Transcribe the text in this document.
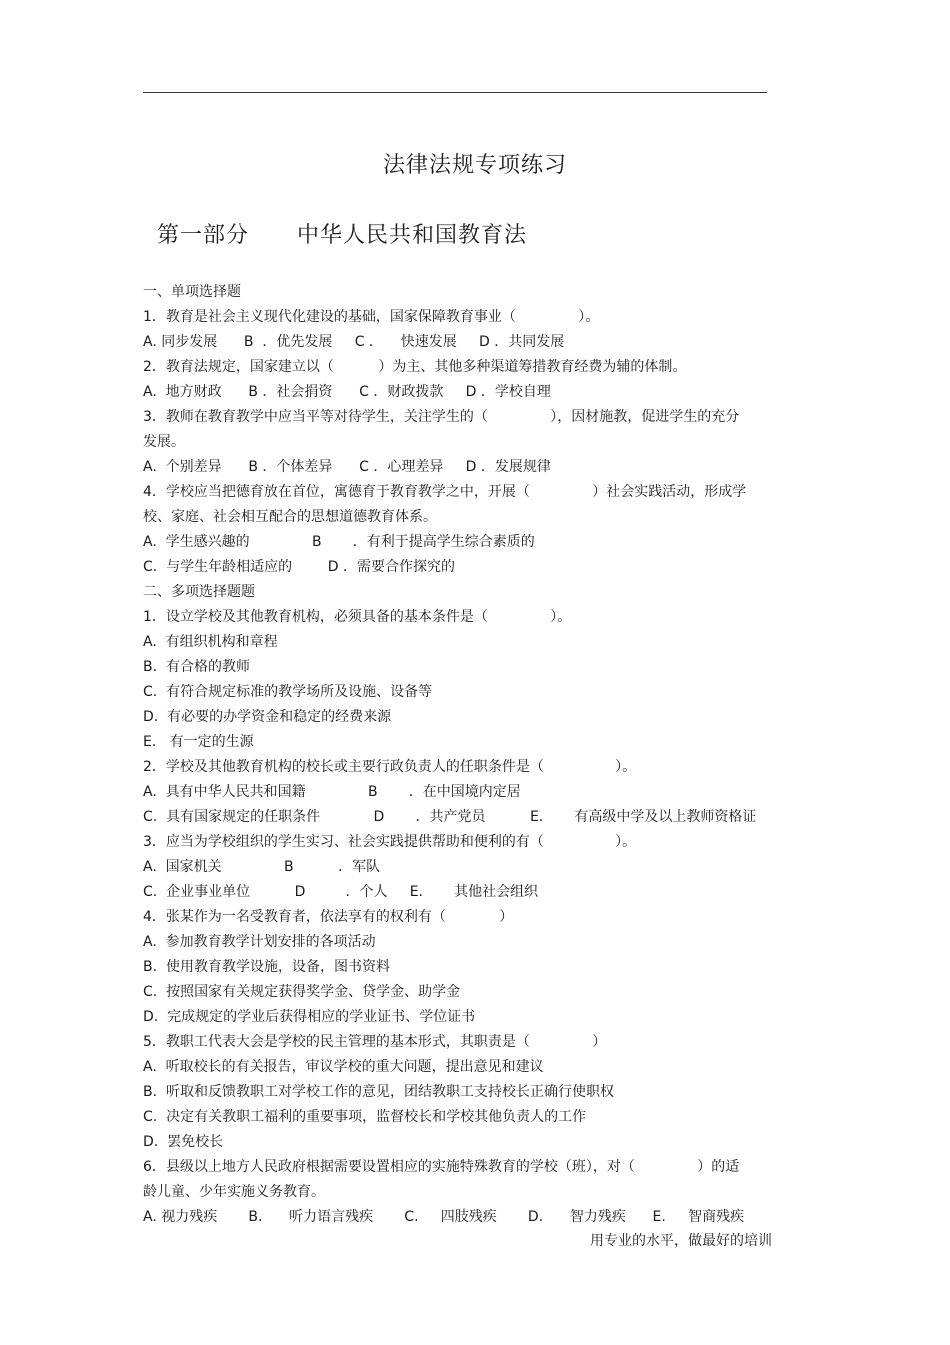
法律法规专项练习
第一部分      中华人民共和国教育法
一、单项选择题
1．教育是社会主义现代化建设的基础，国家保障教育事业（              ）。
A. 同步发展      B  ．优先发展     C ．    快速发展     D ．共同发展
2．教育法规定，国家建立以（          ）为主、其他多种渠道筹措教育经费为辅的体制。
A.  地方财政      B ．社会捐资      C ．财政拨款     D ．学校自理
3．教师在教育教学中应当平等对待学生，关注学生的（              ），因材施教，促进学生的充分
发展。
A.  个别差异      B ．个体差异      C ．心理差异     D ．发展规律
4．学校应当把德育放在首位，寓德育于教育教学之中，开展（              ）社会实践活动，形成学
校、家庭、社会相互配合的思想道德教育体系。
A.  学生感兴趣的              B       ．有利于提高学生综合素质的
C.  与学生年龄相适应的        D ．需要合作探究的
二、多项选择题题
1．设立学校及其他教育机构，必须具备的基本条件是（              ）。
A.  有组织机构和章程
B.  有合格的教师
C.  有符合规定标准的教学场所及设施、设备等
D.  有必要的办学资金和稳定的经费来源
E.   有一定的生源
2．学校及其他教育机构的校长或主要行政负责人的任职条件是（                ）。
A.  具有中华人民共和国籍              B       ．在中国境内定居
C.  具有国家规定的任职条件            D       ．共产党员          E.       有高级中学及以上教师资格证
3．应当为学校组织的学生实习、社会实践提供帮助和便利的有（                ）。
A.  国家机关              B          ．军队
C.  企业事业单位          D         ．个人     E.       其他社会组织
4．张某作为一名受教育者，依法享有的权利有（            ）
A.  参加教育教学计划安排的各项活动
B.  使用教育教学设施，设备，图书资料
C.  按照国家有关规定获得奖学金、贷学金、助学金
D.  完成规定的学业后获得相应的学业证书、学位证书
5．教职工代表大会是学校的民主管理的基本形式，其职责是（              ）
A.  听取校长的有关报告，审议学校的重大问题，提出意见和建议
B.  听取和反馈教职工对学校工作的意见，团结教职工支持校长正确行使职权
C.  决定有关教职工福利的重要事项，监督校长和学校其他负责人的工作
D.  罢免校长
6．县级以上地方人民政府根据需要设置相应的实施特殊教育的学校（班），对（              ）的适
龄儿童、少年实施义务教育。
A. 视力残疾       B.      听力语言残疾       C.     四肢残疾       D.      智力残疾      E.     智商残疾
用专业的水平，做最好的培训
